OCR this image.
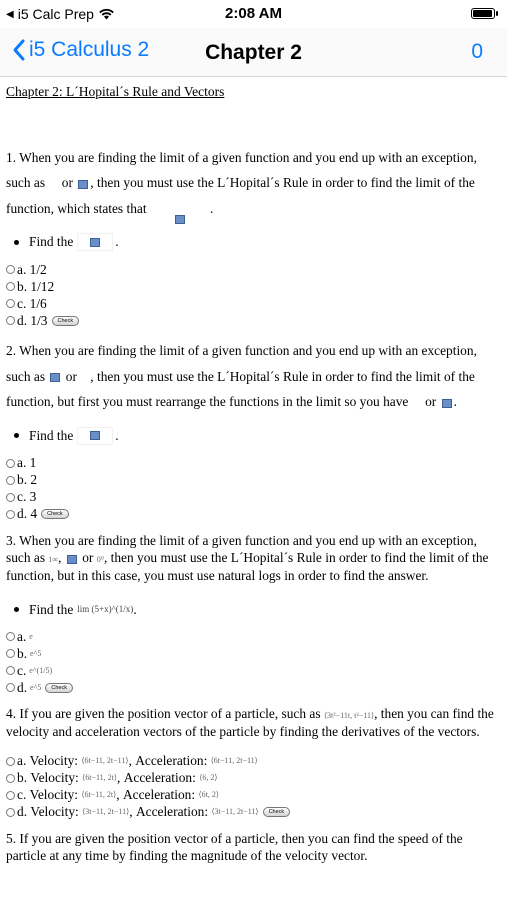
◀ i5 Calc Prep	2:08 AM
i5 Calculus 2	Chapter 2	0
Chapter 2: L´Hopital´s Rule and Vectors

1. When you are finding the limit of a given function and you end up with an exception, such as or , then you must use the L´Hopital´s Rule in order to find the limit of the function, which states that	.

Find the	.
a. 1/2
b. 1/12
c. 1/6
d. 1/3	Check

2. When you are finding the limit of a given function and you end up with an exception, such as or , then you must use the L´Hopital´s Rule in order to find the limit of the function, but first you must rearrange the functions in the limit so you have or .

Find the	.
a. 1
b. 2
c. 3
d. 4	Check

3. When you are finding the limit of a given function and you end up with an exception, such as 1∞, or 0⁰, then you must use the L´Hopital´s Rule in order to find the limit of the function, but in this case, you must use natural logs in order to find the answer.

Find the lim (5+x)^(1/x) .
a. e
b. e^5
c. e^(1/5)
d. e^5	Check

4. If you are given the position vector of a particle, such as ⟨3t²−11t, t²−11⟩, then you can find the velocity and acceleration vectors of the particle by finding the derivatives of the vectors.

a.
Velocity:
⟨6t−11, 2t−11⟩ , Acceleration:
⟨6t−11, 2t−11⟩
b.
Velocity:
⟨6t−11, 2t⟩ , Acceleration:
⟨6, 2⟩
c.
Velocity:
⟨6t−11, 2t⟩ , Acceleration:
⟨6t, 2⟩
d.
Velocity:
⟨3t−11, 2t−11⟩ , Acceleration:
⟨3t−11, 2t−11⟩	Check

5. If you are given the position vector of a particle, then you can find the speed of the particle at any time by finding the magnitude of the velocity vector.
